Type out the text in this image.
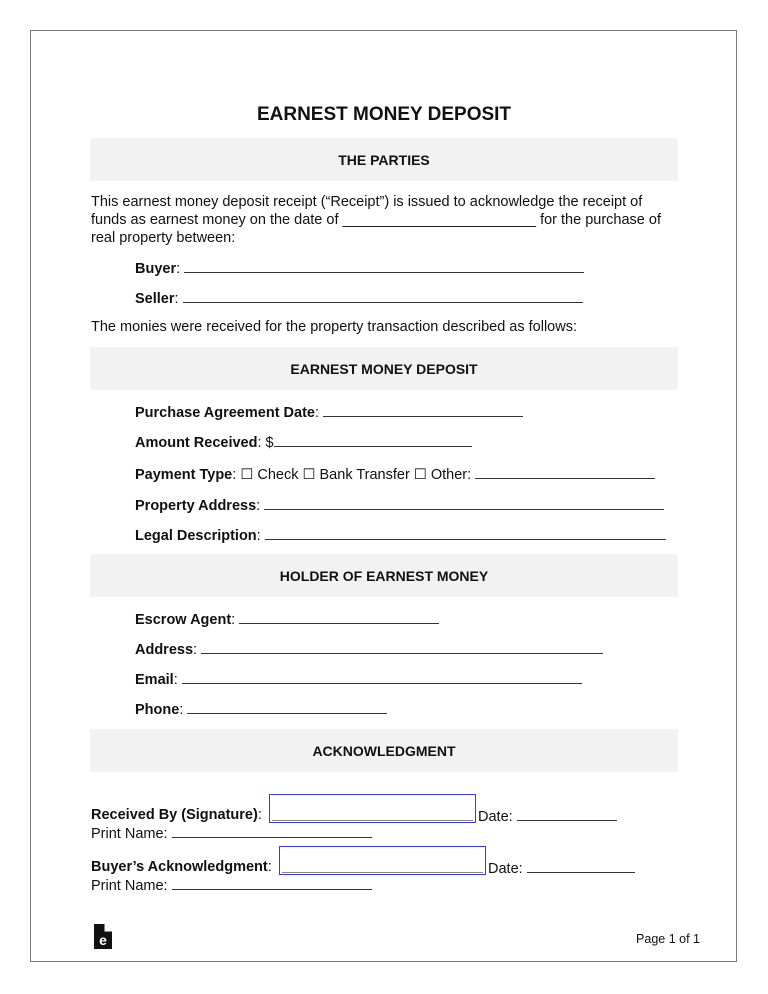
EARNEST MONEY DEPOSIT
THE PARTIES
This earnest money deposit receipt (“Receipt”) is issued to acknowledge the receipt of funds as earnest money on the date of ________________________ for the purchase of real property between:
Buyer:
Seller:
The monies were received for the property transaction described as follows:
EARNEST MONEY DEPOSIT
Purchase Agreement Date:
Amount Received: $
Payment Type: ☐ Check ☐ Bank Transfer ☐ Other:
Property Address:
Legal Description:
HOLDER OF EARNEST MONEY
Escrow Agent:
Address:
Email:
Phone:
ACKNOWLEDGMENT
Received By (Signature):	Date:
Print Name:
Buyer’s Acknowledgment:	Date:
Print Name:
e	Page 1 of 1
